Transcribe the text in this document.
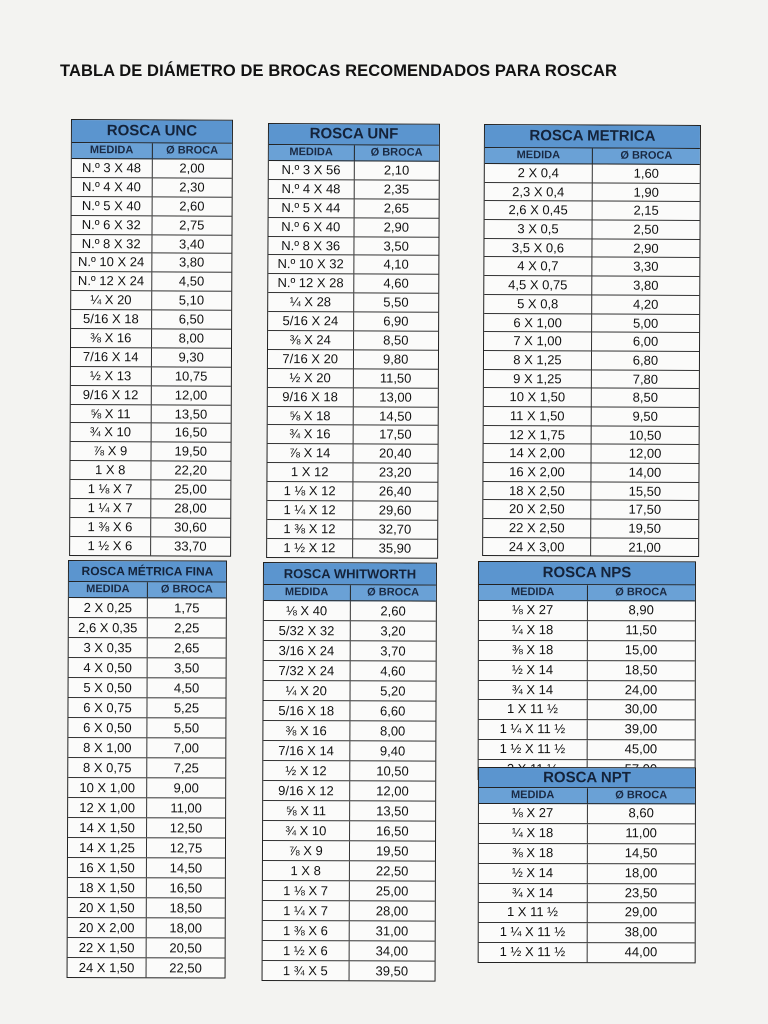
TABLA DE DIÁMETRO DE BROCAS RECOMENDADOS PARA ROSCAR
ROSCA UNC
MEDIDA	Ø BROCA
N.º 3 X 48	2,00
N.º 4 X 40	2,30
N.º 5 X 40	2,60
N.º 6 X 32	2,75
N.º 8 X 32	3,40
N.º 10 X 24	3,80
N.º 12 X 24	4,50
¼ X 20	5,10
5/16 X 18	6,50
⅜ X 16	8,00
7/16 X 14	9,30
½ X 13	10,75
9/16 X 12	12,00
⅝ X 11	13,50
¾ X 10	16,50
⅞ X 9	19,50
1 X 8	22,20
1 ⅛ X 7	25,00
1 ¼ X 7	28,00
1 ⅜ X 6	30,60
1 ½ X 6	33,70
ROSCA UNF
MEDIDA	Ø BROCA
N.º 3 X 56	2,10
N.º 4 X 48	2,35
N.º 5 X 44	2,65
N.º 6 X 40	2,90
N.º 8 X 36	3,50
N.º 10 X 32	4,10
N.º 12 X 28	4,60
¼ X 28	5,50
5/16 X 24	6,90
⅜ X 24	8,50
7/16 X 20	9,80
½ X 20	11,50
9/16 X 18	13,00
⅝ X 18	14,50
¾ X 16	17,50
⅞ X 14	20,40
1 X 12	23,20
1 ⅛ X 12	26,40
1 ¼ X 12	29,60
1 ⅜ X 12	32,70
1 ½ X 12	35,90
ROSCA METRICA
MEDIDA	Ø BROCA
2 X 0,4	1,60
2,3 X 0,4	1,90
2,6 X 0,45	2,15
3 X 0,5	2,50
3,5 X 0,6	2,90
4 X 0,7	3,30
4,5 X 0,75	3,80
5 X 0,8	4,20
6 X 1,00	5,00
7 X 1,00	6,00
8 X 1,25	6,80
9 X 1,25	7,80
10 X 1,50	8,50
11 X 1,50	9,50
12 X 1,75	10,50
14 X 2,00	12,00
16 X 2,00	14,00
18 X 2,50	15,50
20 X 2,50	17,50
22 X 2,50	19,50
24 X 3,00	21,00
ROSCA MÉTRICA FINA
MEDIDA	Ø BROCA
2 X 0,25	1,75
2,6 X 0,35	2,25
3 X 0,35	2,65
4 X 0,50	3,50
5 X 0,50	4,50
6 X 0,75	5,25
6 X 0,50	5,50
8 X 1,00	7,00
8 X 0,75	7,25
10 X 1,00	9,00
12 X 1,00	11,00
14 X 1,50	12,50
14 X 1,25	12,75
16 X 1,50	14,50
18 X 1,50	16,50
20 X 1,50	18,50
20 X 2,00	18,00
22 X 1,50	20,50
24 X 1,50	22,50
ROSCA WHITWORTH
MEDIDA	Ø BROCA
⅛ X 40	2,60
5/32 X 32	3,20
3/16 X 24	3,70
7/32 X 24	4,60
¼ X 20	5,20
5/16 X 18	6,60
⅜ X 16	8,00
7/16 X 14	9,40
½ X 12	10,50
9/16 X 12	12,00
⅝ X 11	13,50
¾ X 10	16,50
⅞ X 9	19,50
1 X 8	22,50
1 ⅛ X 7	25,00
1 ¼ X 7	28,00
1 ⅜ X 6	31,00
1 ½ X 6	34,00
1 ¾ X 5	39,50
ROSCA NPS
MEDIDA	Ø BROCA
⅛ X 27	8,90
¼ X 18	11,50
⅜ X 18	15,00
½ X 14	18,50
¾ X 14	24,00
1 X 11 ½	30,00
1 ¼ X 11 ½	39,00
1 ½ X 11 ½	45,00
ROSCA NPT
MEDIDA	Ø BROCA
⅛ X 27	8,60
¼ X 18	11,00
⅜ X 18	14,50
½ X 14	18,00
¾ X 14	23,50
1 X 11 ½	29,00
1 ¼ X 11 ½	38,00
1 ½ X 11 ½	44,00
